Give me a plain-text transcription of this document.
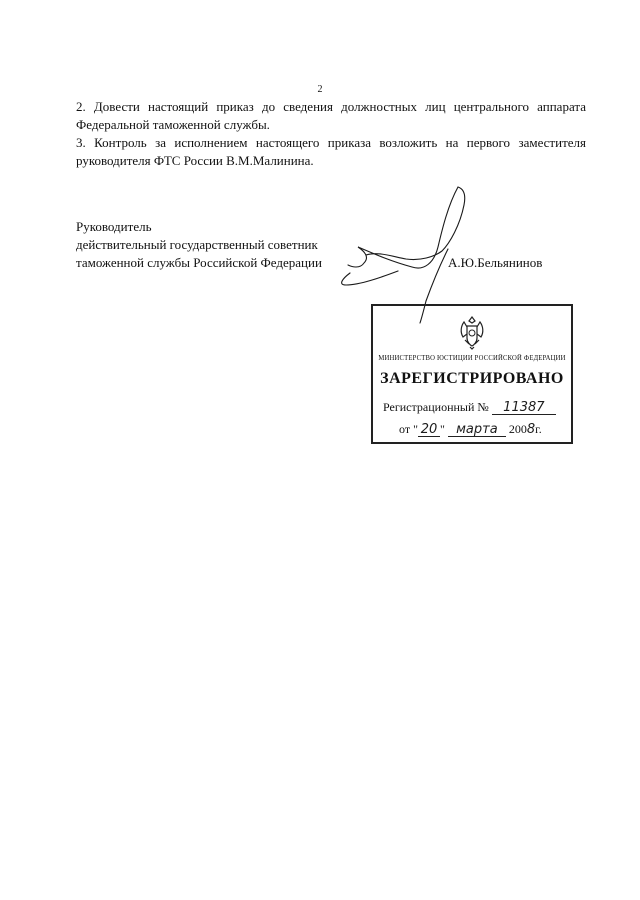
2

2. Довести настоящий приказ до сведения должностных лиц центрального аппарата Федеральной таможенной службы.

3. Контроль за исполнением настоящего приказа возложить на первого заместителя руководителя ФТС России В.М.Малинина.

Руководитель
действительный государственный советник
таможенной службы Российской Федерации	А.Ю.Бельянинов
МИНИСТЕРСТВО ЮСТИЦИИ РОССИЙСКОЙ ФЕДЕРАЦИИ
ЗАРЕГИСТРИРОВАНО
Регистрационный № 11387
от " 20 " марта 2008г.
